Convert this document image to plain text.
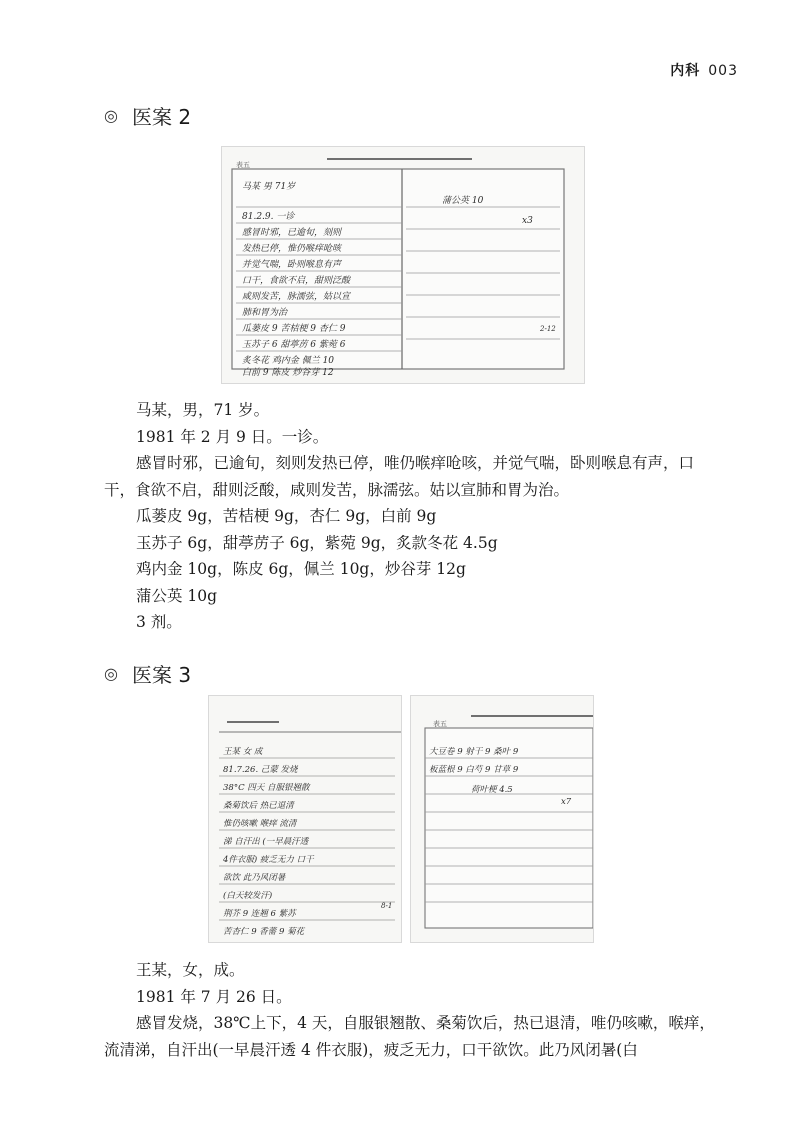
内科 003
◎ 医案 2
表五
马某 男 71岁
81.2.9. 一诊
感冒时邪，已逾旬，刻则
发热已停，惟仍喉痒呛咳
并觉气喘，卧则喉息有声
口干，食欲不启，甜则泛酸
咸则发苦，脉濡弦，姑以宣
肺和胃为治
瓜蒌皮 9 苦桔梗 9 杏仁 9
玉苏子 6 甜葶苈 6 紫菀 6
炙冬花 鸡内金 佩兰 10
白前 9 陈皮 炒谷芽 12
蒲公英 10
x3
2-12

马某，男，71 岁。

1981 年 2 月 9 日。一诊。

感冒时邪，已逾旬，刻则发热已停，唯仍喉痒呛咳，并觉气喘，卧则喉息有声，口干，食欲不启，甜则泛酸，咸则发苦，脉濡弦。姑以宣肺和胃为治。

瓜蒌皮 9g，苦桔梗 9g，杏仁 9g，白前 9g

玉苏子 6g，甜葶苈子 6g，紫菀 9g，炙款冬花 4.5g

鸡内金 10g，陈皮 6g，佩兰 10g，炒谷芽 12g

蒲公英 10g

3 剂。

◎ 医案 3
王某 女 成
81.7.26. 己蒙 发烧
38°C 四天 自服银翘散
桑菊饮后 热已退清
惟仍咳嗽 喉痒 流清
涕 自汗出 (一早晨汗透
4件衣服) 疲乏无力 口干
欲饮 此乃风闭暑
(白天较发汗)
荆芥 9 连翘 6 紫苏
苦杏仁 9 香薷 9 菊花
8-1
表五
大豆卷 9 射干 9 桑叶 9
板蓝根 9 白芍 9 甘草 9
荷叶梗 4.5
x7

王某，女，成。

1981 年 7 月 26 日。

感冒发烧，38℃上下，4 天，自服银翘散、桑菊饮后，热已退清，唯仍咳嗽，喉痒，流清涕，自汗出(一早晨汗透 4 件衣服)，疲乏无力，口干欲饮。此乃风闭暑(白
